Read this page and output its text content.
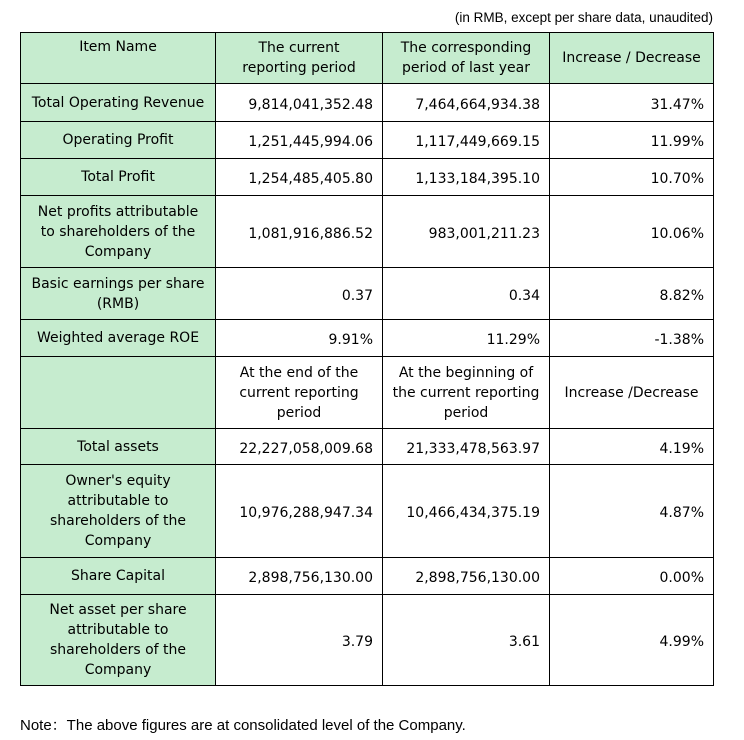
(in RMB, except per share data, unaudited)
Item Name	The current reporting period	The corresponding period of last year	Increase / Decrease
Total Operating Revenue	9,814,041,352.48	7,464,664,934.38	31.47%
Operating Profit	1,251,445,994.06	1,117,449,669.15	11.99%
Total Profit	1,254,485,405.80	1,133,184,395.10	10.70%
Net profits attributable to shareholders of the Company	1,081,916,886.52	983,001,211.23	10.06%
Basic earnings per share (RMB)	0.37	0.34	8.82%
Weighted average ROE	9.91%	11.29%	-1.38%
	At the end of the current reporting period	At the beginning of the current reporting period	Increase /Decrease
Total assets	22,227,058,009.68	21,333,478,563.97	4.19%
Owner's equity attributable to shareholders of the Company	10,976,288,947.34	10,466,434,375.19	4.87%
Share Capital	2,898,756,130.00	2,898,756,130.00	0.00%
Net asset per share attributable to shareholders of the Company	3.79	3.61	4.99%
Note：The above figures are at consolidated level of the Company.
